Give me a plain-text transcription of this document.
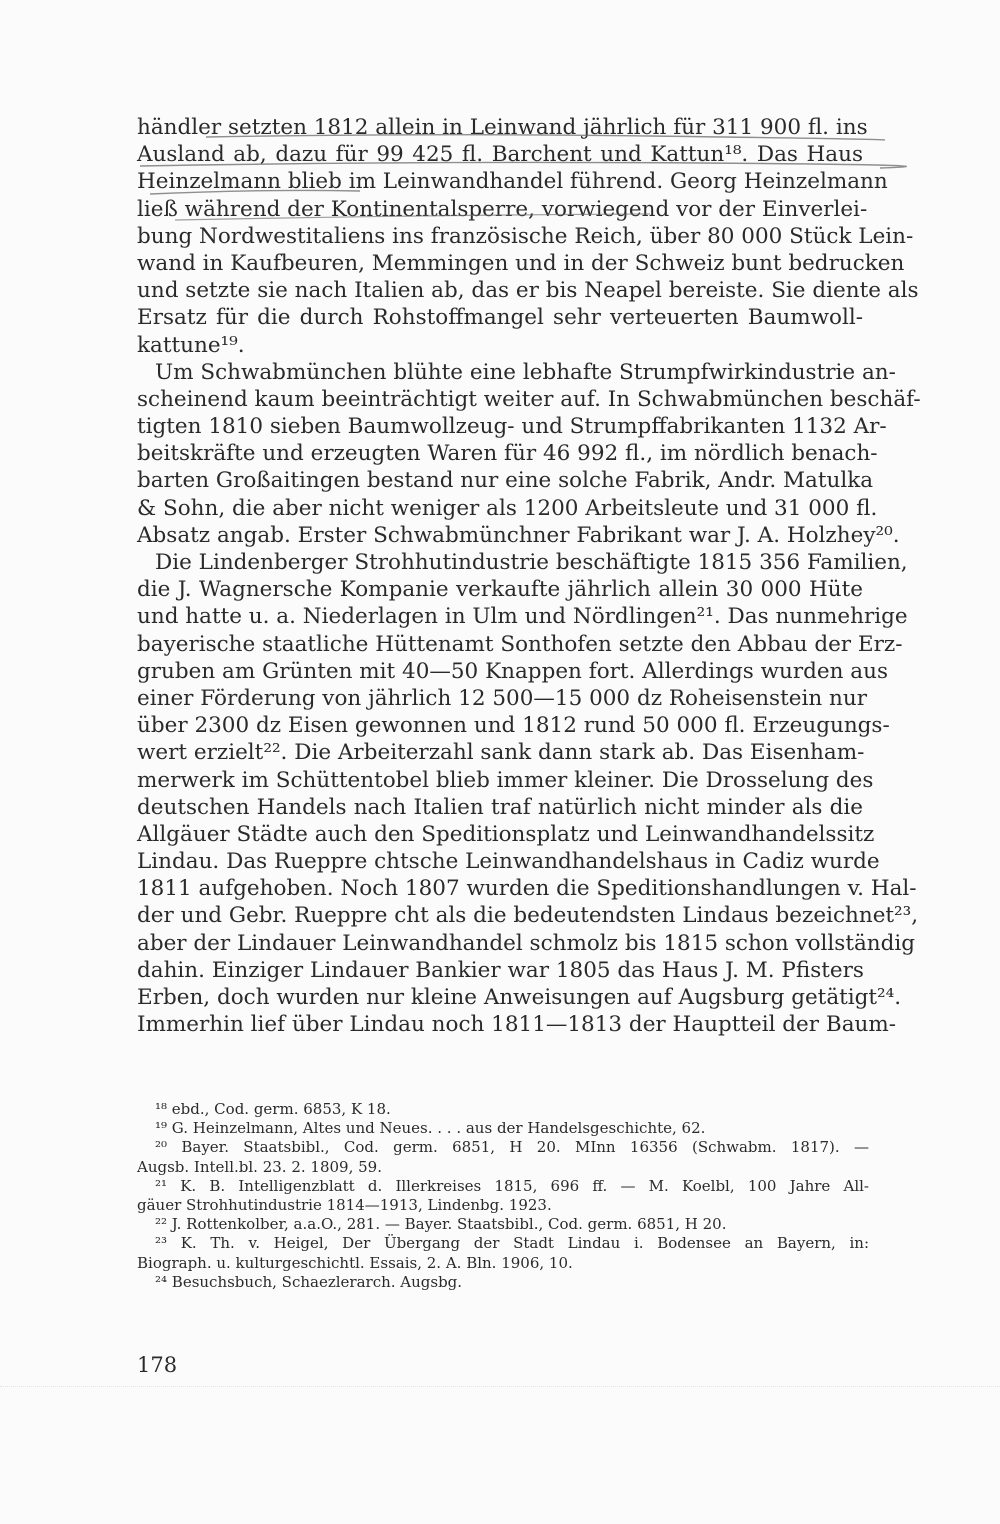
händler setzten 1812 allein in Leinwand jährlich für 311 900 fl. ins
Ausland ab, dazu für 99 425 fl. Barchent und Kattun¹⁸. Das Haus
Heinzelmann blieb im Leinwandhandel führend. Georg Heinzelmann
ließ während der Kontinentalsperre, vorwiegend vor der Einverlei-
bung Nordwestitaliens ins französische Reich, über 80 000 Stück Lein-
wand in Kaufbeuren, Memmingen und in der Schweiz bunt bedrucken
und setzte sie nach Italien ab, das er bis Neapel bereiste. Sie diente als
Ersatz für die durch Rohstoffmangel sehr verteuerten Baumwoll-
kattune¹⁹.
Um Schwabmünchen blühte eine lebhafte Strumpfwirkindustrie an-
scheinend kaum beeinträchtigt weiter auf. In Schwabmünchen beschäf-
tigten 1810 sieben Baumwollzeug- und Strumpffabrikanten 1132 Ar-
beitskräfte und erzeugten Waren für 46 992 fl., im nördlich benach-
barten Großaitingen bestand nur eine solche Fabrik, Andr. Matulka
& Sohn, die aber nicht weniger als 1200 Arbeitsleute und 31 000 fl.
Absatz angab. Erster Schwabmünchner Fabrikant war J. A. Holzhey²⁰.
Die Lindenberger Strohhutindustrie beschäftigte 1815 356 Familien,
die J. Wagnersche Kompanie verkaufte jährlich allein 30 000 Hüte
und hatte u. a. Niederlagen in Ulm und Nördlingen²¹. Das nunmehrige
bayerische staatliche Hüttenamt Sonthofen setzte den Abbau der Erz-
gruben am Grünten mit 40—50 Knappen fort. Allerdings wurden aus
einer Förderung von jährlich 12 500—15 000 dz Roheisenstein nur
über 2300 dz Eisen gewonnen und 1812 rund 50 000 fl. Erzeugungs-
wert erzielt²². Die Arbeiterzahl sank dann stark ab. Das Eisenham-
merwerk im Schüttentobel blieb immer kleiner. Die Drosselung des
deutschen Handels nach Italien traf natürlich nicht minder als die
Allgäuer Städte auch den Speditionsplatz und Leinwandhandelssitz
Lindau. Das Rueppre chtsche Leinwandhandelshaus in Cadiz wurde
1811 aufgehoben. Noch 1807 wurden die Speditionshandlungen v. Hal-
der und Gebr. Rueppre cht als die bedeutendsten Lindaus bezeichnet²³,
aber der Lindauer Leinwandhandel schmolz bis 1815 schon vollständig
dahin. Einziger Lindauer Bankier war 1805 das Haus J. M. Pfisters
Erben, doch wurden nur kleine Anweisungen auf Augsburg getätigt²⁴.
Immerhin lief über Lindau noch 1811—1813 der Hauptteil der Baum-
¹⁸ ebd., Cod. germ. 6853, K 18.
¹⁹ G. Heinzelmann, Altes und Neues. . . . aus der Handelsgeschichte, 62.
²⁰ Bayer. Staatsbibl., Cod. germ. 6851, H 20. MInn 16356 (Schwabm. 1817). —
Augsb. Intell.bl. 23. 2. 1809, 59.
²¹ K. B. Intelligenzblatt d. Illerkreises 1815, 696 ff. — M. Koelbl, 100 Jahre All-
gäuer Strohhutindustrie 1814—1913, Lindenbg. 1923.
²² J. Rottenkolber, a.a.O., 281. — Bayer. Staatsbibl., Cod. germ. 6851, H 20.
²³ K. Th. v. Heigel, Der Übergang der Stadt Lindau i. Bodensee an Bayern, in:
Biograph. u. kulturgeschichtl. Essais, 2. A. Bln. 1906, 10.
²⁴ Besuchsbuch, Schaezlerarch. Augsbg.
178
